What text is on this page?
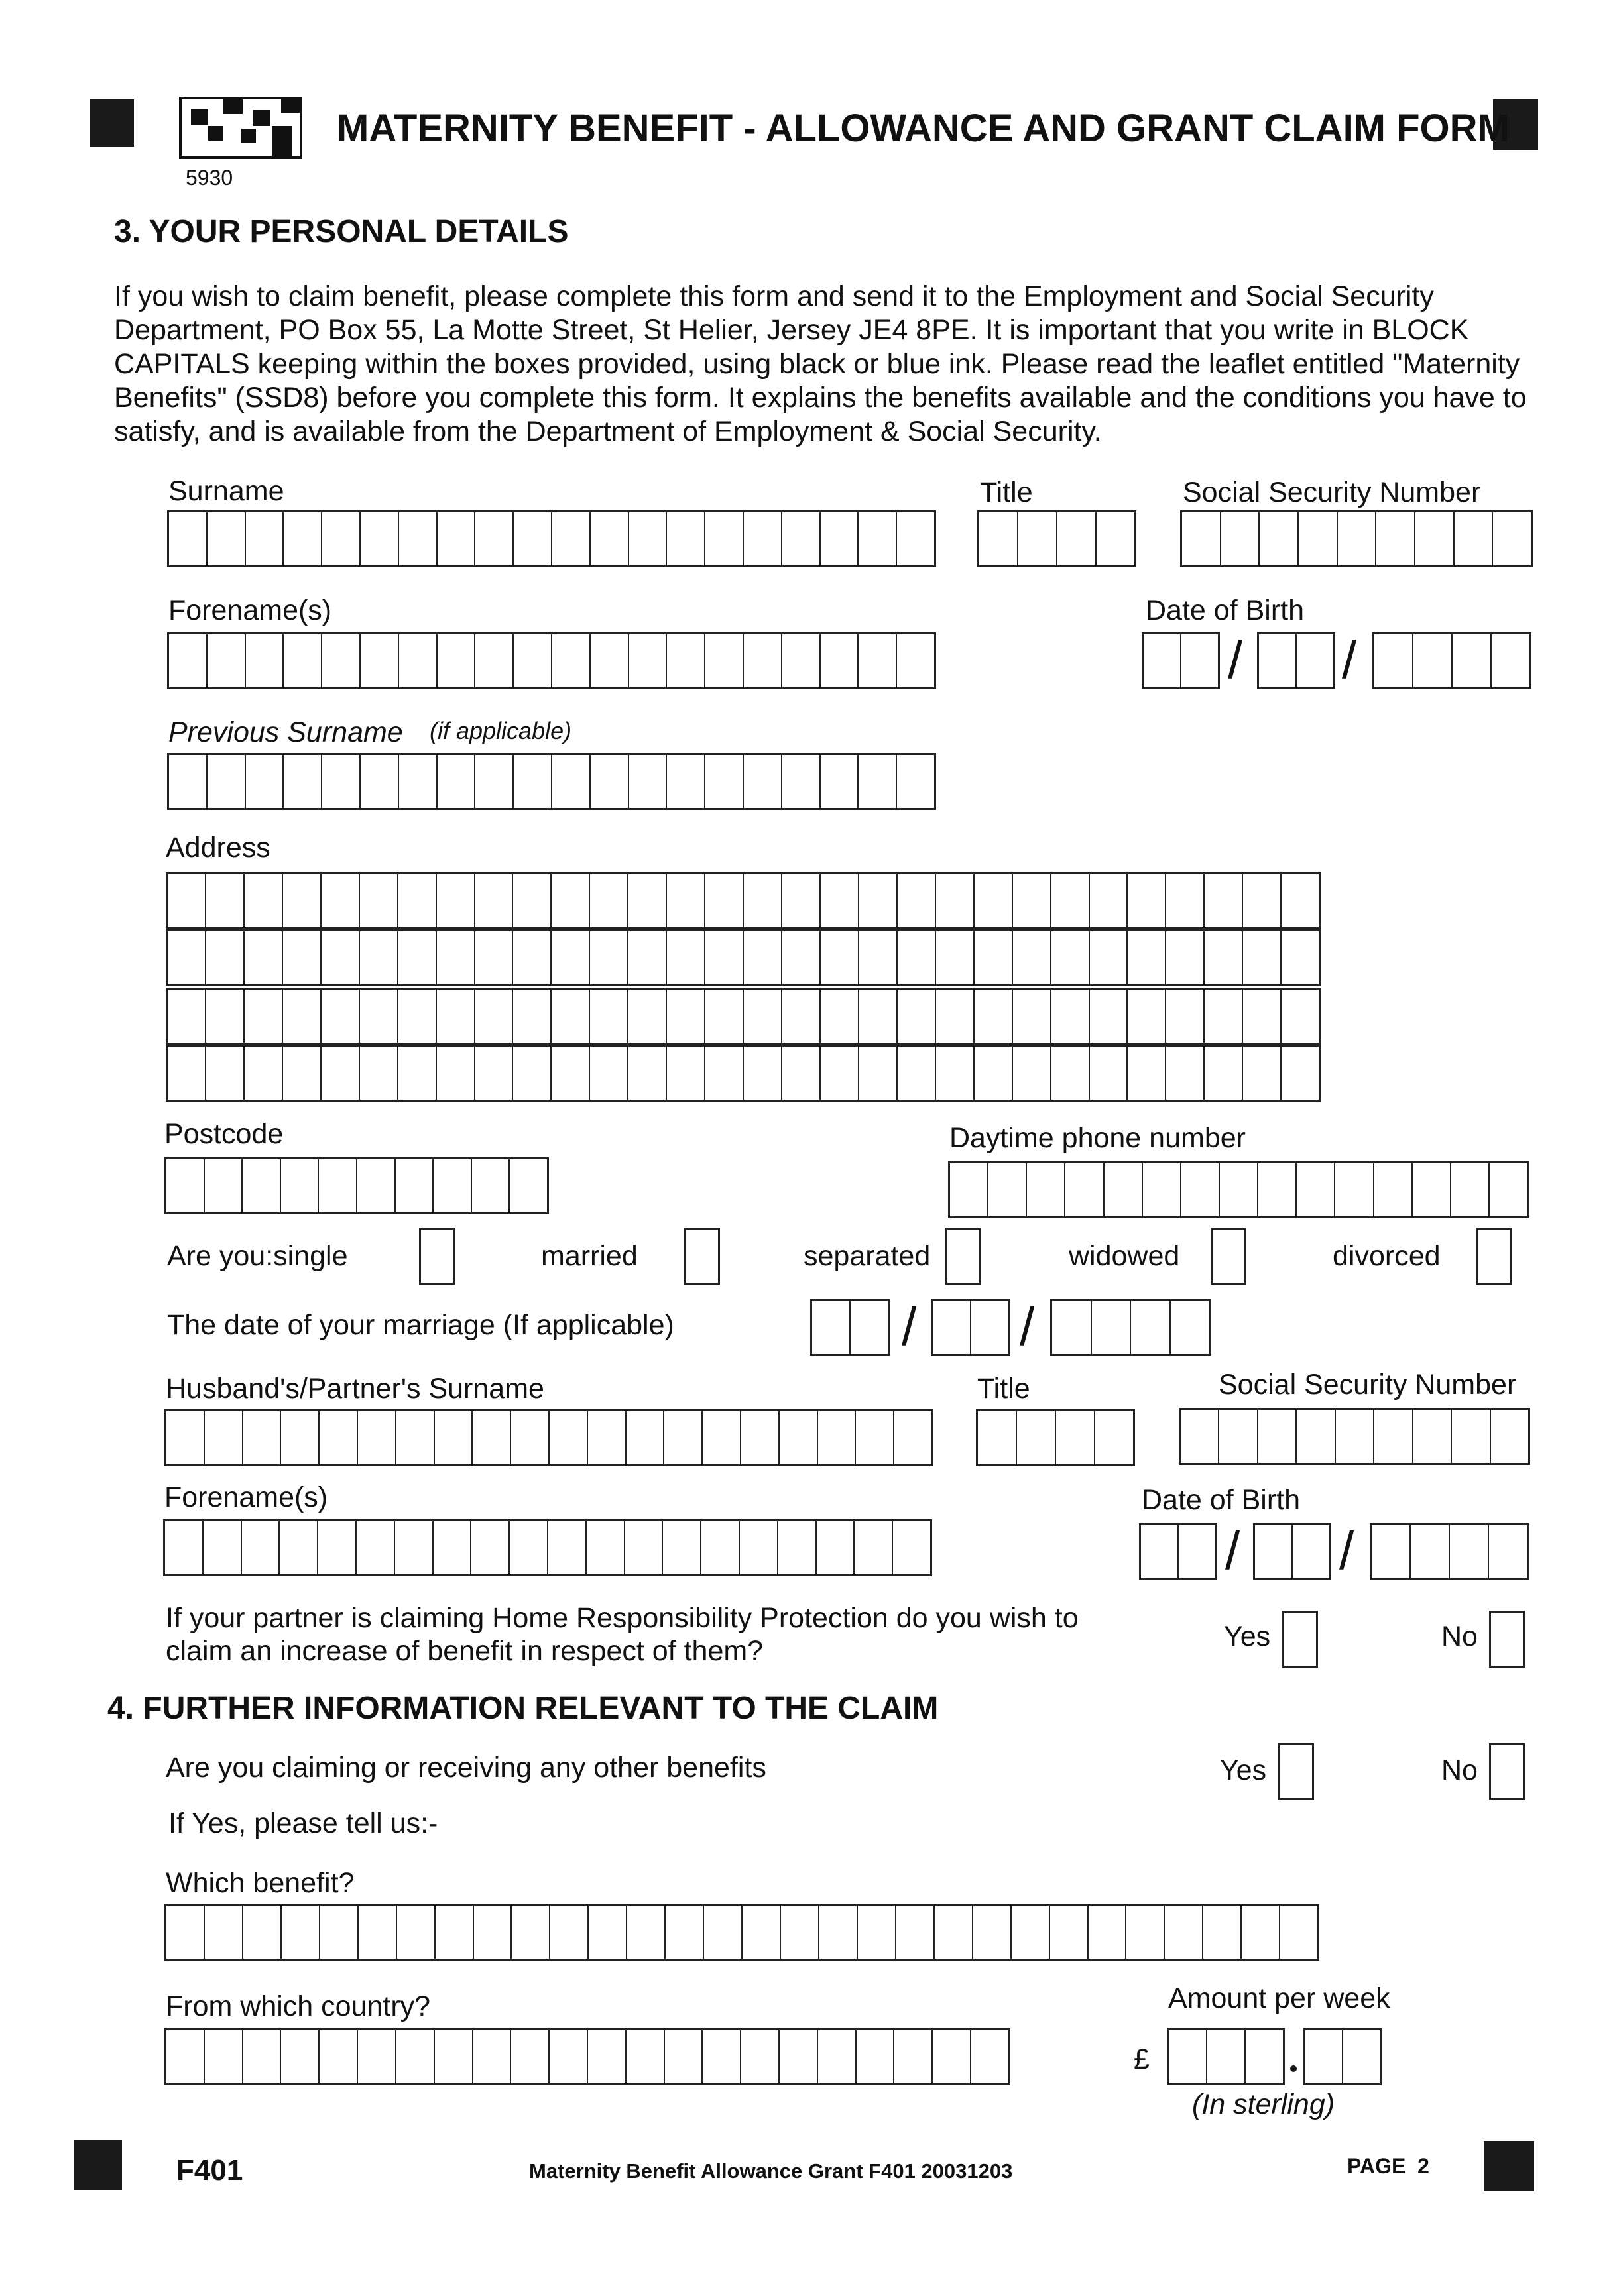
MATERNITY BENEFIT - ALLOWANCE AND GRANT CLAIM FORM
5930
3. YOUR PERSONAL DETAILS
If you wish to claim benefit, please complete this form and send it to the Employment and Social Security Department, PO Box 55, La Motte Street, St Helier, Jersey JE4 8PE. It is important that you write in BLOCK CAPITALS keeping within the boxes provided, using black or blue ink. Please read the leaflet entitled "Maternity Benefits" (SSD8) before you complete this form. It explains the benefits available and the conditions you have to satisfy, and is available from the Department of Employment & Social Security.
Surname	Title	Social Security Number
Forename(s)	Date of Birth
/ /
Previous Surname (if applicable)
Address
Postcode	Daytime phone number
Are you:single	married	separated	widowed	divorced
The date of your marriage (If applicable)	/ /
Husband's/Partner's Surname	Title	Social Security Number
Forename(s)	Date of Birth
/ /
If your partner is claiming Home Responsibility Protection do you wish to
claim an increase of benefit in respect of them?	Yes	No
4. FURTHER INFORMATION RELEVANT TO THE CLAIM
Are you claiming or receiving any other benefits	Yes	No
If Yes, please tell us:-
Which benefit?
From which country?	Amount per week
£
(In sterling)
F401	Maternity Benefit Allowance Grant F401 20031203	PAGE  2
